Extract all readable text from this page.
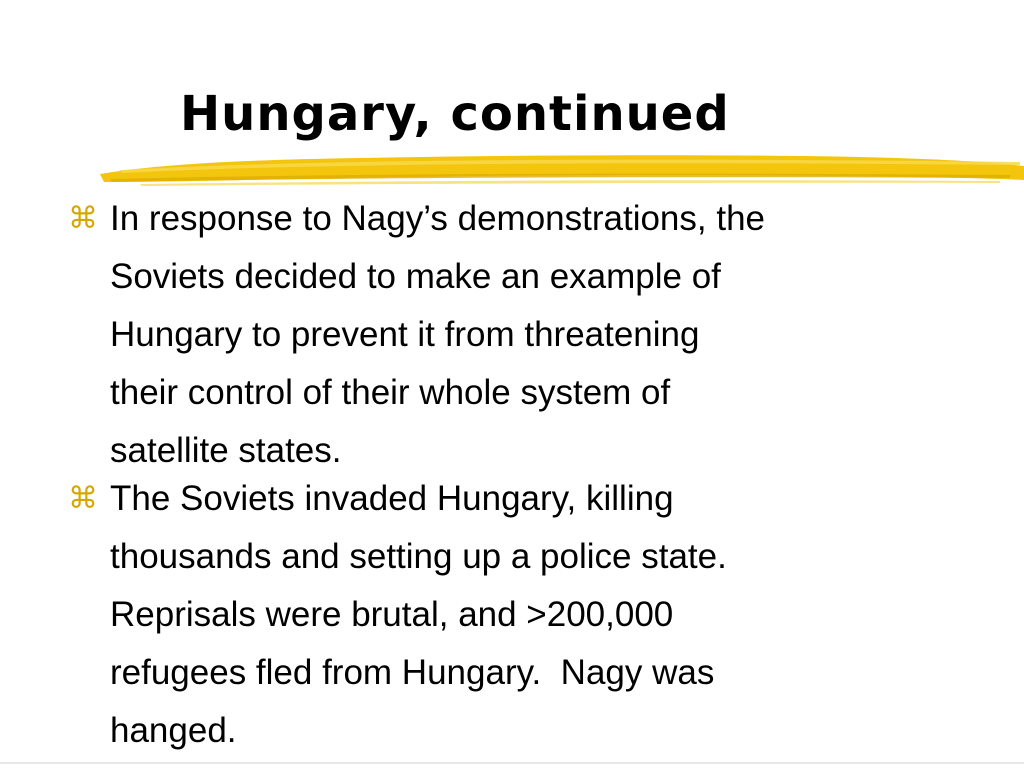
Hungary, continued
⌘ In response to Nagy’s demonstrations, the
Soviets decided to make an example of
Hungary to prevent it from threatening
their control of their whole system of
satellite states.
⌘ The Soviets invaded Hungary, killing
thousands and setting up a police state.
Reprisals were brutal, and >200,000
refugees fled from Hungary.  Nagy was
hanged.
